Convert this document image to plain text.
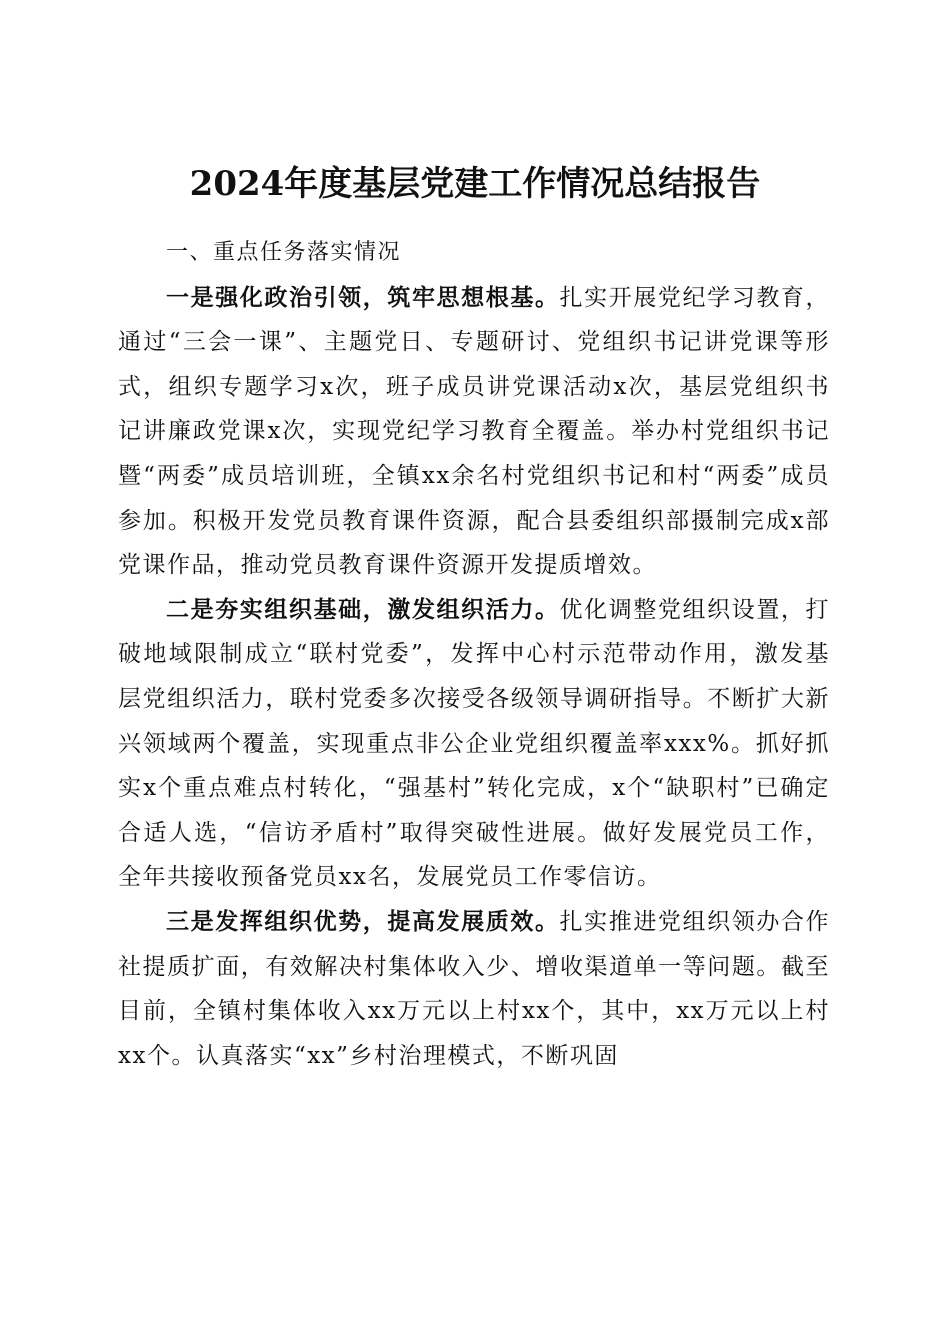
2024年度基层党建工作情况总结报告

一、重点任务落实情况

一是强化政治引领，筑牢思想根基。扎实开展党纪学习教育，通过“三会一课”、主题党日、专题研讨、党组织书记讲党课等形式，组织专题学习x次，班子成员讲党课活动x次，基层党组织书记讲廉政党课x次，实现党纪学习教育全覆盖。举办村党组织书记暨“两委”成员培训班，全镇xx余名村党组织书记和村“两委”成员参加。积极开发党员教育课件资源，配合县委组织部摄制完成x部党课作品，推动党员教育课件资源开发提质增效。

二是夯实组织基础，激发组织活力。优化调整党组织设置，打破地域限制成立“联村党委”，发挥中心村示范带动作用，激发基层党组织活力，联村党委多次接受各级领导调研指导。不断扩大新兴领域两个覆盖，实现重点非公企业党组织覆盖率xxx%。抓好抓实x个重点难点村转化，“强基村”转化完成，x个“缺职村”已确定合适人选，“信访矛盾村”取得突破性进展。做好发展党员工作，全年共接收预备党员xx名，发展党员工作零信访。

三是发挥组织优势，提高发展质效。扎实推进党组织领办合作社提质扩面，有效解决村集体收入少、增收渠道单一等问题。截至目前，全镇村集体收入xx万元以上村xx个，其中，xx万元以上村xx个。认真落实“xx”乡村治理模式，不断巩固
